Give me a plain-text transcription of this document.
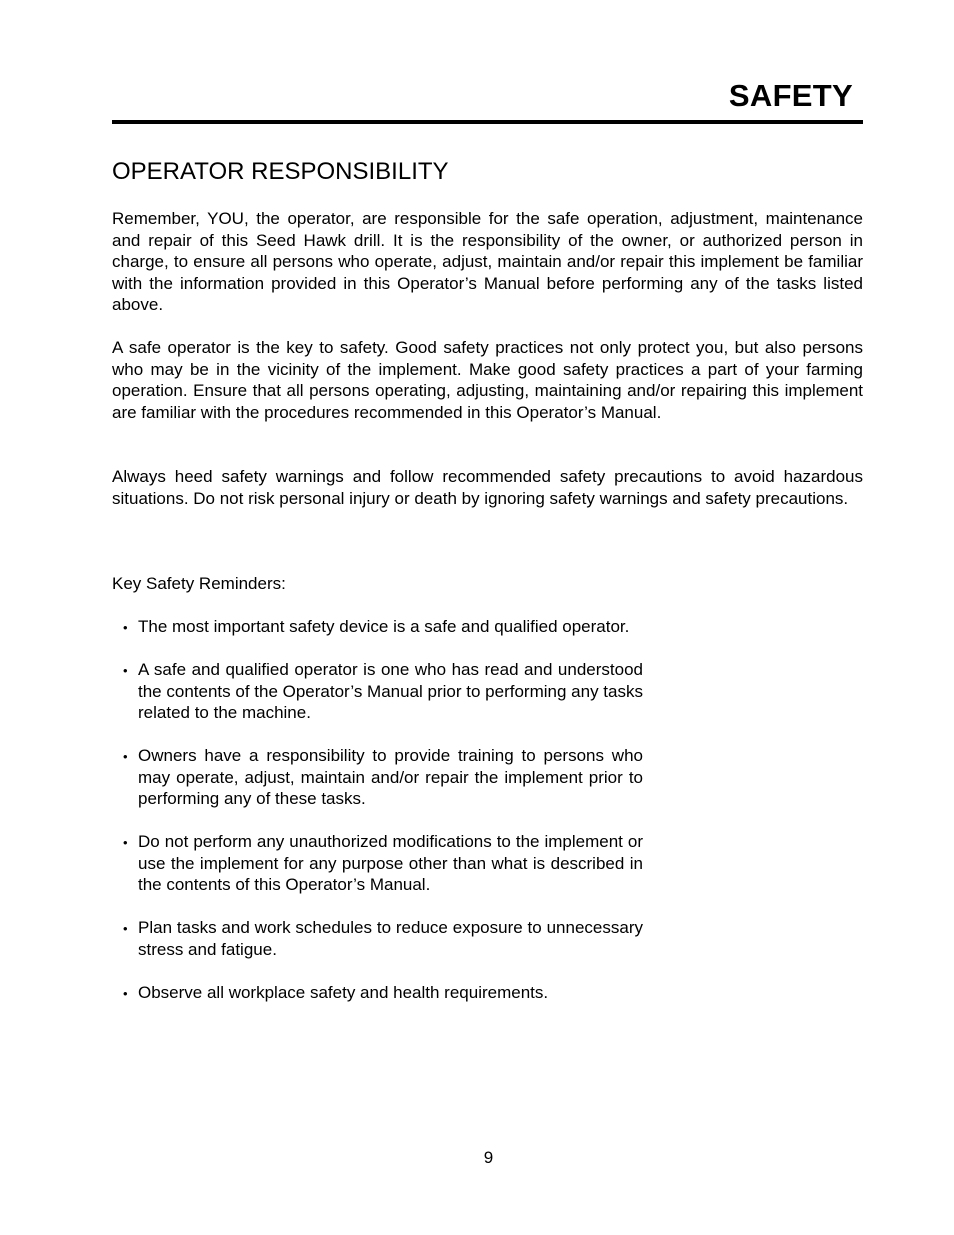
SAFETY
OPERATOR RESPONSIBILITY

Remember, YOU, the operator, are responsible for the safe operation, adjustment, maintenance and repair of this Seed Hawk drill. It is the responsibility of the owner, or authorized person in charge, to ensure all persons who operate, adjust, maintain and/or repair this implement be familiar with the information provided in this Operator’s Manual before performing any of the tasks listed above.

A safe operator is the key to safety. Good safety practices not only protect you, but also persons who may be in the vicinity of the implement. Make good safety practices a part of your farming operation. Ensure that all persons operating, adjusting, maintaining and/or repairing this implement are familiar with the procedures recommended in this Operator’s Manual.

Always heed safety warnings and follow recommended safety precautions to avoid hazardous situations. Do not risk personal injury or death by ignoring safety warnings and safety precautions.

Key Safety Reminders:

• The most important safety device is a safe and qualified operator.
• A safe and qualified operator is one who has read and understood the contents of the Operator’s Manual prior to performing any tasks related to the machine.
• Owners have a responsibility to provide training to persons who may operate, adjust, maintain and/or repair the implement prior to performing any of these tasks.
• Do not perform any unauthorized modifications to the implement or use the implement for any purpose other than what is described in the contents of this Operator’s Manual.
• Plan tasks and work schedules to reduce exposure to unnecessary stress and fatigue.
• Observe all workplace safety and health requirements.
9
